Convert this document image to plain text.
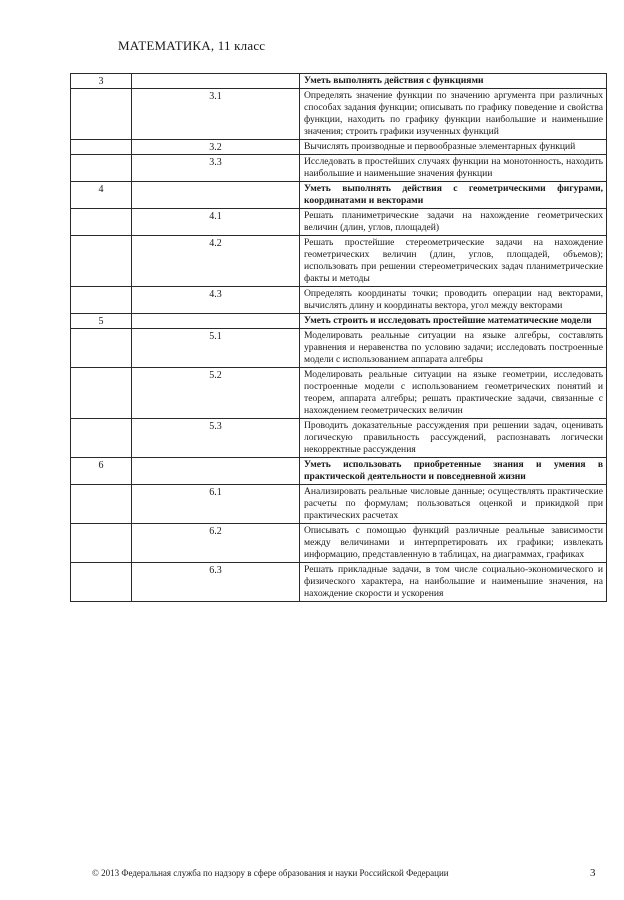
МАТЕМАТИКА, 11 класс
3		Уметь выполнять действия с функциями
	3.1	Определять значение функции по значению аргумента при различных способах задания функции; описывать по графику поведение и свойства функции, находить по графику функции наибольшие и наименьшие значения; строить графики изученных функций
	3.2	Вычислять производные и первообразные элементарных функций
	3.3	Исследовать в простейших случаях функции на монотонность, находить наибольшие и наименьшие значения функции
4		Уметь выполнять действия с геометрическими фигурами, координатами и векторами
	4.1	Решать планиметрические задачи на нахождение геометрических величин (длин, углов, площадей)
	4.2	Решать простейшие стереометрические задачи на нахождение геометрических величин (длин, углов, площадей, объемов); использовать при решении стереометрических задач планиметрические факты и методы
	4.3	Определять координаты точки; проводить операции над векторами, вычислять длину и координаты вектора, угол между векторами
5		Уметь строить и исследовать простейшие математические модели
	5.1	Моделировать реальные ситуации на языке алгебры, составлять уравнения и неравенства по условию задачи; исследовать построенные модели с использованием аппарата алгебры
	5.2	Моделировать реальные ситуации на языке геометрии, исследовать построенные модели с использованием геометрических понятий и теорем, аппарата алгебры; решать практические задачи, связанные с нахождением геометрических величин
	5.3	Проводить доказательные рассуждения при решении задач, оценивать логическую правильность рассуждений, распознавать логически некорректные рассуждения
6		Уметь использовать приобретенные знания и умения в практической деятельности и повседневной жизни
	6.1	Анализировать реальные числовые данные; осуществлять практические расчеты по формулам; пользоваться оценкой и прикидкой при практических расчетах
	6.2	Описывать с помощью функций различные реальные зависимости между величинами и интерпретировать их графики; извлекать информацию, представленную в таблицах, на диаграммах, графиках
	6.3	Решать прикладные задачи, в том числе социально-экономического и физического характера, на наибольшие и наименьшие значения, на нахождение скорости и ускорения
© 2013 Федеральная служба по надзору в сфере образования и науки Российской Федерации	3
